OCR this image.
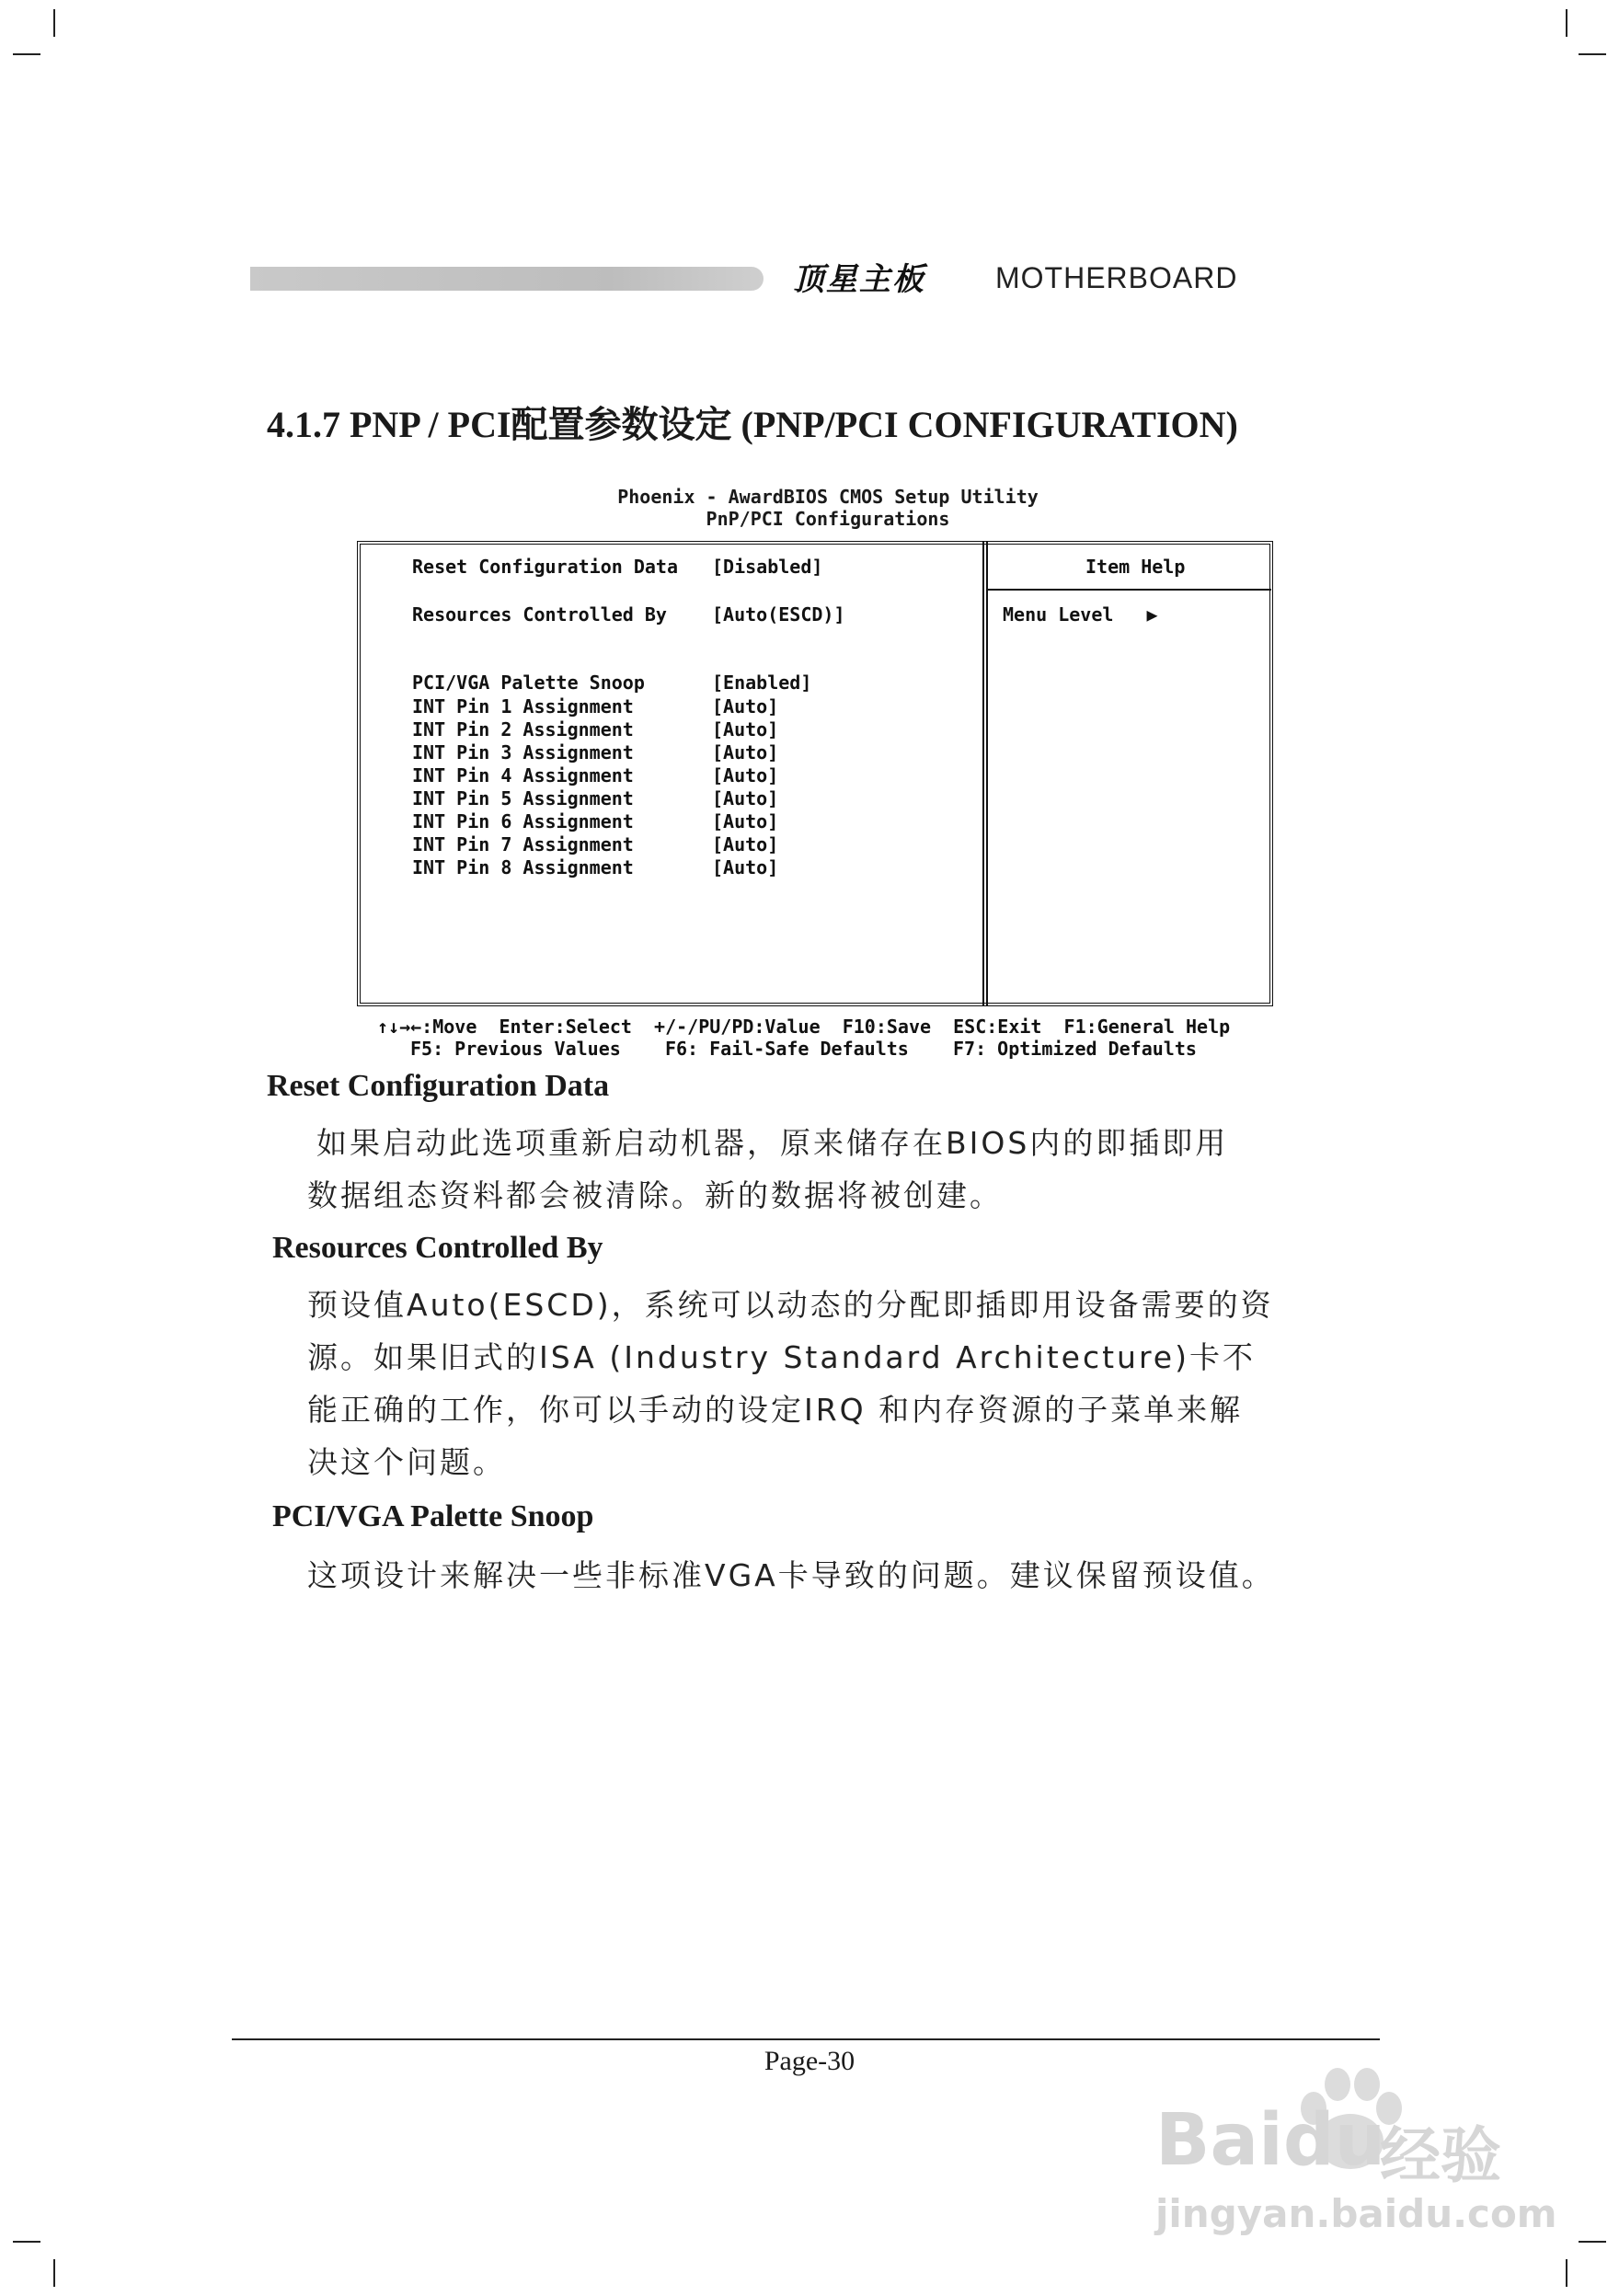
顶星主板 MOTHERBOARD
4.1.7 PNP / PCI配置参数设定 (PNP/PCI CONFIGURATION)
Phoenix - AwardBIOS CMOS Setup Utility
PnP/PCI Configurations
Reset Configuration Data [Disabled]
Resources Controlled By [Auto(ESCD)]
PCI/VGA Palette Snoop	[Enabled]
INT Pin 1 Assignment	[Auto]
INT Pin 2 Assignment	[Auto]
INT Pin 3 Assignment	[Auto]
INT Pin 4 Assignment	[Auto]
INT Pin 5 Assignment	[Auto]
INT Pin 6 Assignment	[Auto]
INT Pin 7 Assignment	[Auto]
INT Pin 8 Assignment	[Auto]
Item Help
Menu Level   ▶
↑↓→←:Move  Enter:Select  +/-/PU/PD:Value  F10:Save  ESC:Exit  F1:General Help
F5: Previous Values    F6: Fail-Safe Defaults    F7: Optimized Defaults
Reset Configuration Data
如果启动此选项重新启动机器，原来储存在BIOS内的即插即用
数据组态资料都会被清除。新的数据将被创建。
Resources Controlled By
预设值Auto(ESCD)，系统可以动态的分配即插即用设备需要的资
源。如果旧式的ISA (Industry Standard Architecture)卡不
能正确的工作，你可以手动的设定IRQ 和内存资源的子菜单来解
决这个问题。
PCI/VGA Palette Snoop
这项设计来解决一些非标准VGA卡导致的问题。建议保留预设值。
Page-30
Baidu
经验
jingyan.baidu.com
